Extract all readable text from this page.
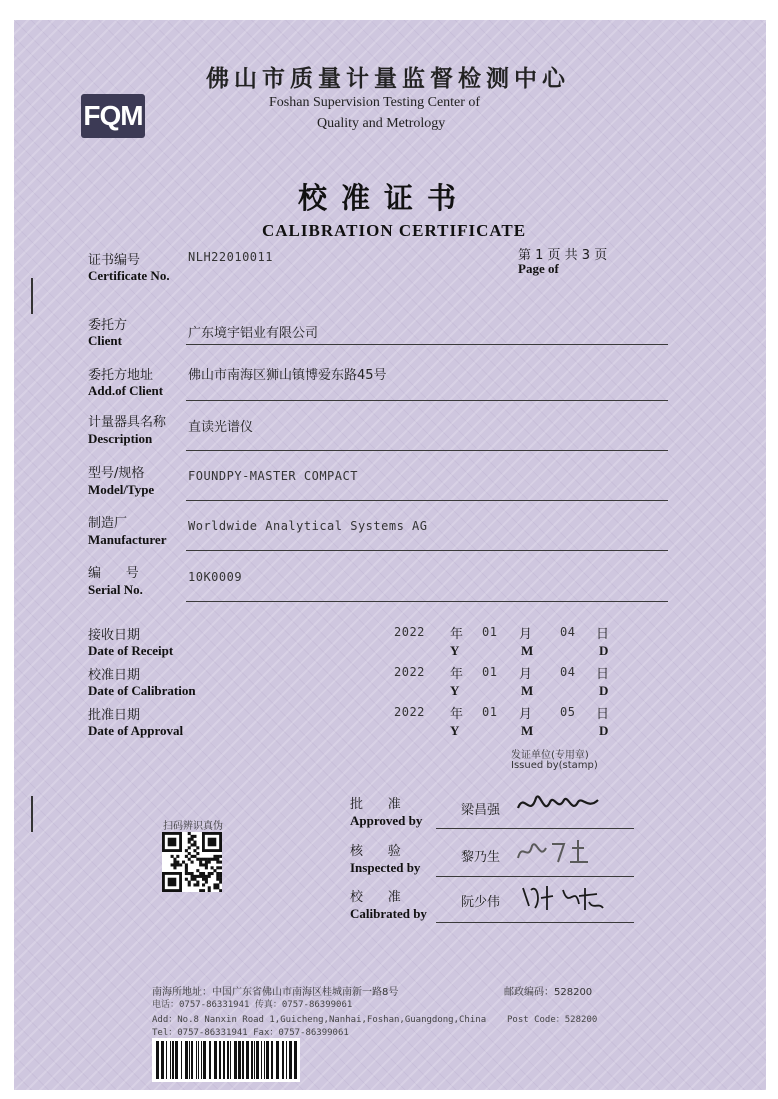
FQM
佛山市质量计量监督检测中心
Foshan Supervision Testing Center of
Quality and Metrology
校准证书
CALIBRATION CERTIFICATE
第 1 页 共 3 页
Page of
证书编号
Certificate No.
NLH22010011
委托方
Client	广东境宇铝业有限公司
委托方地址
Add.of Client
佛山市南海区狮山镇博爱东路45号
计量器具名称
Description
直读光谱仪
型号/规格
Model/Type
FOUNDPY-MASTER COMPACT
制造厂
Manufacturer
Worldwide Analytical Systems AG
编      号
Serial No.
10K0009
接收日期
Date of Receipt
2022 年 01 月 04 日
Y	M	D
校准日期
Date of Calibration
2022 年 01 月 04 日
Y	M	D
批准日期
Date of Approval
2022 年 01 月 05 日
Y	M	D
发证单位(专用章)
Issued by(stamp)
扫码辨识真伪
批      准
Approved by
梁昌强
核      验
Inspected by
黎乃生
校      准
Calibrated by
阮少伟
南海所地址：中国广东省佛山市南海区桂城南新一路8号	邮政编码：528200
电话：0757-86331941 传真：0757-86399061
Add：No.8 Nanxin Road 1,Guicheng,Nanhai,Foshan,Guangdong,China Post Code：528200
Tel：0757-86331941 Fax：0757-86399061
